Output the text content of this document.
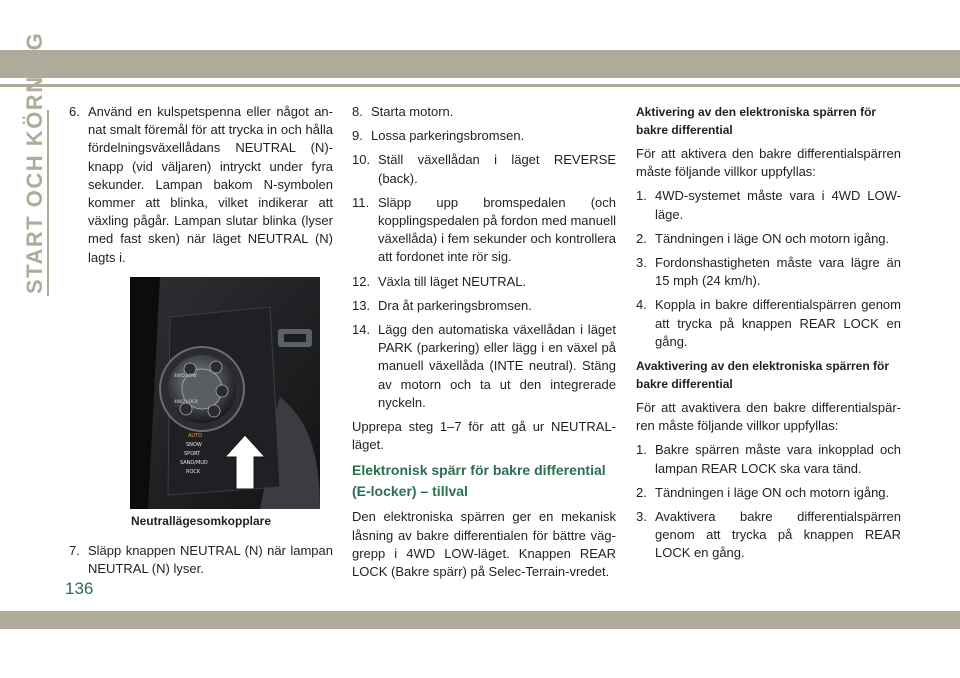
START OCH KÖRNING 6. Använd en kulspetspenna eller något annat smalt föremål för att trycka in och hålla fördelningsväxellådans NEUTRAL (N)-knapp (vid väljaren) intryckt under fyra sekunder. Lampan bakom N-symbolen kommer att blinka, vilket indikerar att växling pågår. Lampan slutar blinka (lyser med fast sken) när läget NEUTRAL (N) lagts i.
4WD LOW
4WD LOCK
AUTO
SNOW
SPORT
SAND/MUD
ROCK
Neutrallägesomkopplare
7. Släpp knappen NEUTRAL (N) när lampan NEUTRAL (N) lyser.
8. Starta motorn.
9. Lossa parkeringsbromsen.
10. Ställ växellådan i läget REVERSE (back).
11. Släpp upp bromspedalen (och kopplingspedalen på fordon med manuell växellåda) i fem sekunder och kontrollera att fordonet inte rör sig.
12. Växla till läget NEUTRAL.
13. Dra åt parkeringsbromsen.
14. Lägg den automatiska växellådan i läget PARK (parkering) eller lägg i en växel på manuell växellåda (INTE neutral). Stäng av motorn och ta ut den integrerade nyckeln.

Upprepa steg 1–7 för att gå ur NEUTRAL-läget.

Elektronisk spärr för bakre differential (E-locker) – tillval

Den elektroniska spärren ger en mekanisk låsning av bakre differentialen för bättre väggrepp i 4WD LOW-läget. Knappen REAR LOCK (Bakre spärr) på Selec-Terrain-vredet.

Aktivering av den elektroniska spärren för bakre differential

För att aktivera den bakre differentialspärren måste följande villkor uppfyllas:

1. 4WD-systemet måste vara i 4WD LOW-läge.
2. Tändningen i läge ON och motorn igång.
3. Fordonshastigheten måste vara lägre än 15 mph (24 km/h).
4. Koppla in bakre differentialspärren genom att trycka på knappen REAR LOCK en gång.
Avaktivering av den elektroniska spärren för bakre differential

För att avaktivera den bakre differentialspärren måste följande villkor uppfyllas:

1. Bakre spärren måste vara inkopplad och lampan REAR LOCK ska vara tänd.
2. Tändningen i läge ON och motorn igång.
3. Avaktivera bakre differentialspärren genom att trycka på knappen REAR LOCK en gång.
136
